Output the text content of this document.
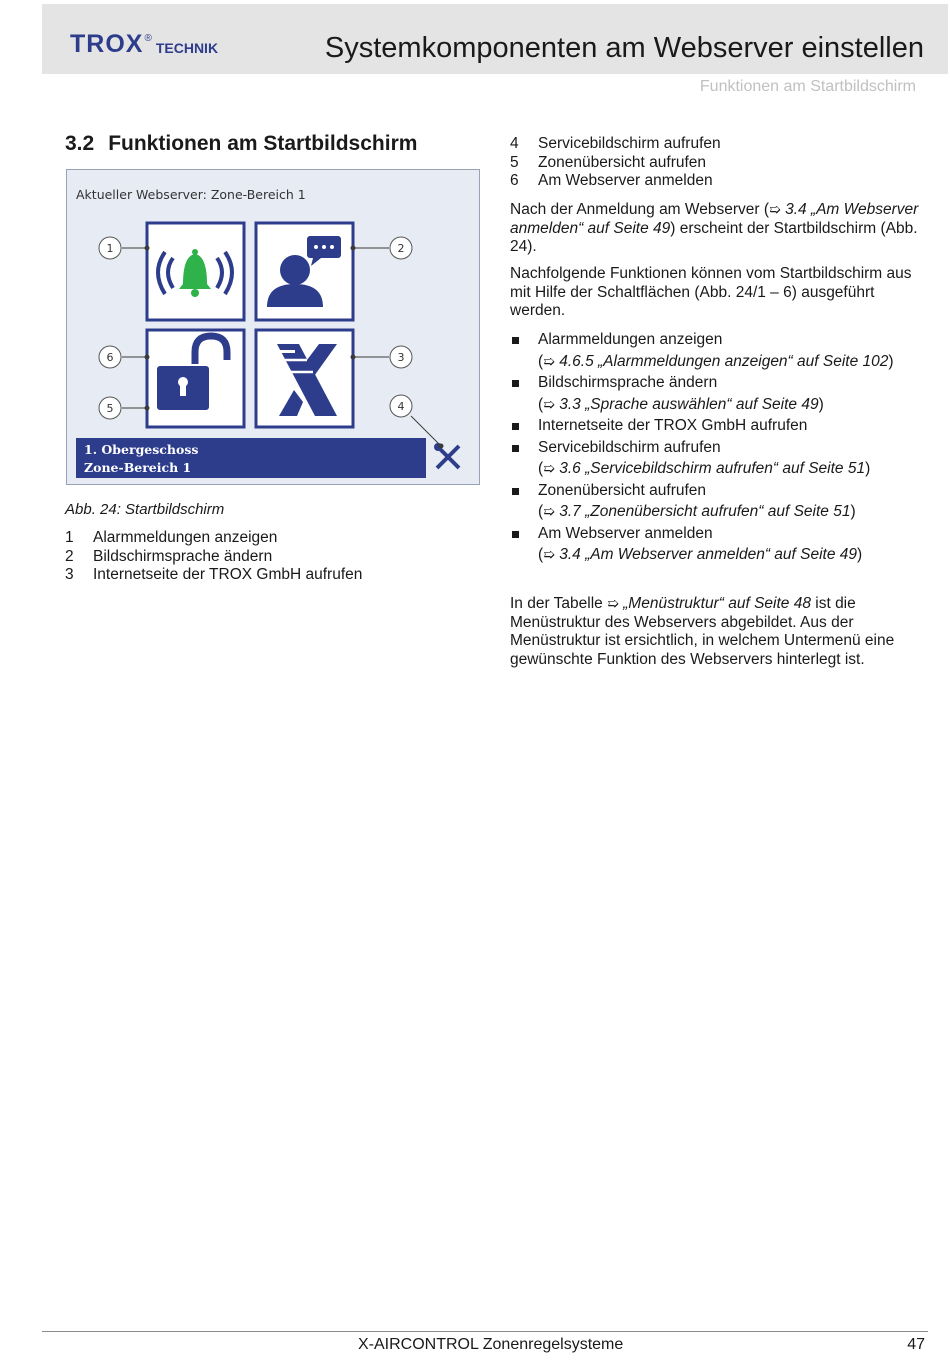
TROX ®
TECHNIK	Systemkomponenten am Webserver einstellen
Funktionen am Startbildschirm
3.2 Funktionen am Startbildschirm
Aktueller Webserver: Zone-Bereich 1
1. Obergeschoss
Zone-Bereich 1
1	2
6	3
5	4
Abb. 24: Startbildschirm
1	Alarmmeldungen anzeigen
2	Bildschirmsprache ändern
3	Internetseite der TROX GmbH aufrufen
4	Servicebildschirm aufrufen
5	Zonenübersicht aufrufen
6	Am Webserver anmelden

Nach der Anmeldung am Webserver (➯ 3.4 „Am Webserver anmelden“ auf Seite 49) erscheint der Startbildschirm (Abb. 24).

Nachfolgende Funktionen können vom Startbildschirm aus mit Hilfe der Schaltflächen (Abb. 24/1 – 6) ausgeführt werden.

Alarmmeldungen anzeigen
(➯ 4.6.5 „Alarmmeldungen anzeigen“ auf Seite 102)
Bildschirmsprache ändern
(➯ 3.3 „Sprache auswählen“ auf Seite 49)
Internetseite der TROX GmbH aufrufen
Servicebildschirm aufrufen
(➯ 3.6 „Servicebildschirm aufrufen“ auf Seite 51)
Zonenübersicht aufrufen
(➯ 3.7 „Zonenübersicht aufrufen“ auf Seite 51)
Am Webserver anmelden
(➯ 3.4 „Am Webserver anmelden“ auf Seite 49)

In der Tabelle ➯ „Menüstruktur“ auf Seite 48 ist die Menüstruktur des Webservers abgebildet. Aus der Menüstruktur ist ersichtlich, in welchem Untermenü eine gewünschte Funktion des Webservers hinterlegt ist.

X-AIRCONTROL Zonenregelsysteme	47
